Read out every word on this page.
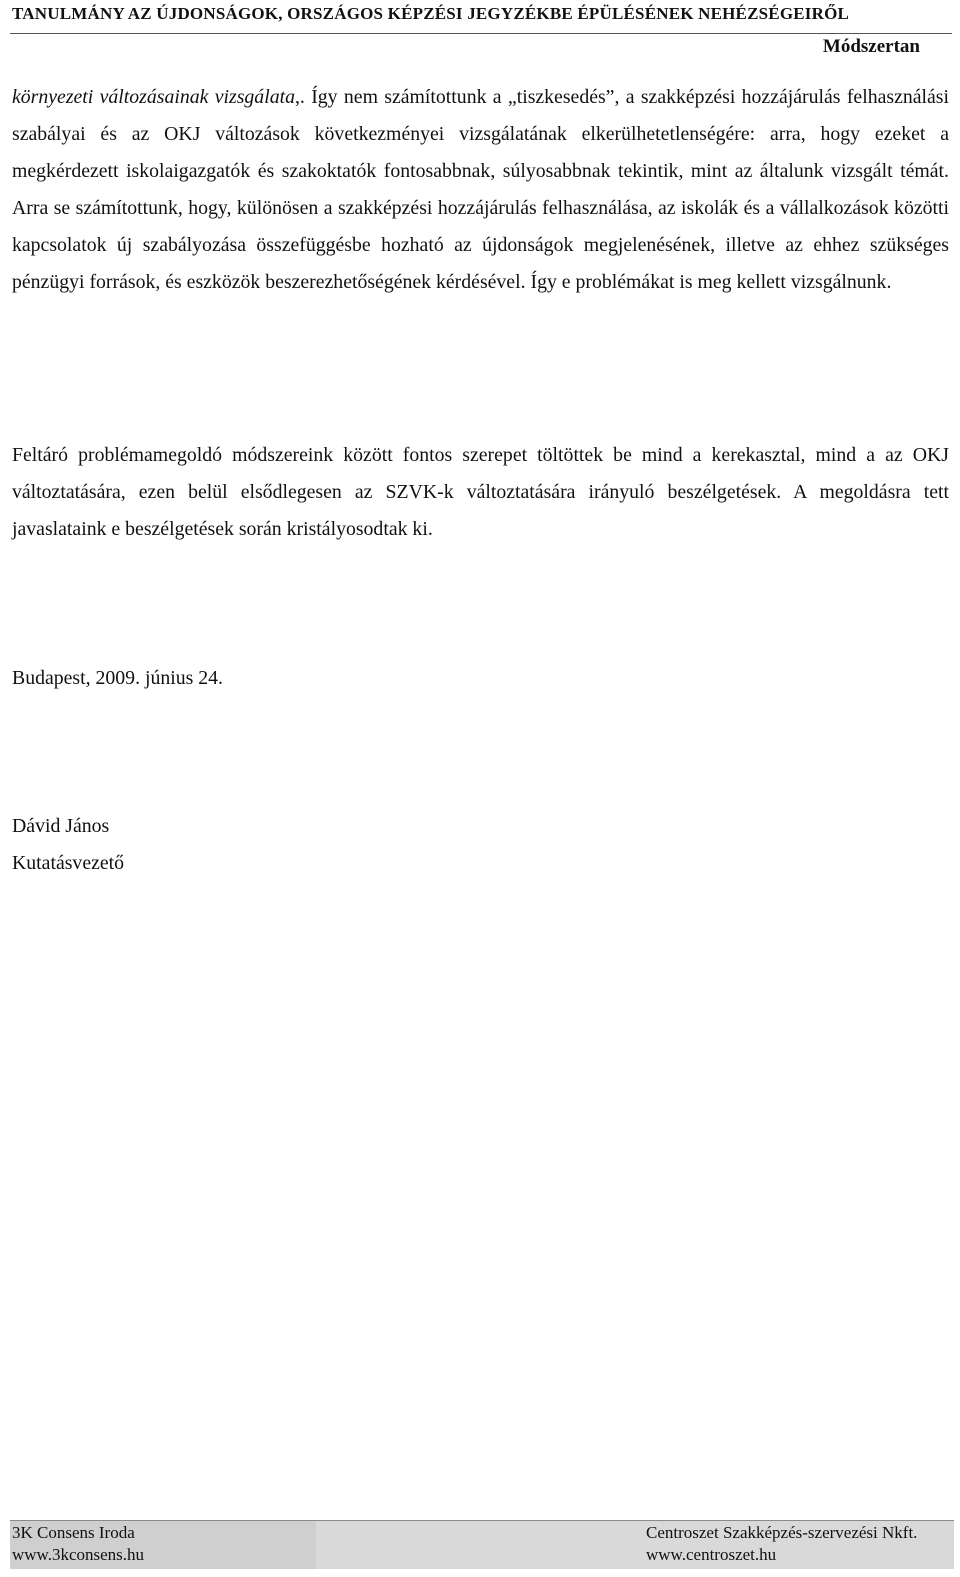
TANULMÁNY AZ ÚJDONSÁGOK, ORSZÁGOS KÉPZÉSI JEGYZÉKBE ÉPÜLÉSÉNEK NEHÉZSÉGEIRŐL
Módszertan

környezeti változásainak vizsgálata,. Így nem számítottunk a „tiszkesedés”, a szakképzési hozzájárulás felhasználási szabályai és az OKJ változások következményei vizsgálatának elkerülhetetlenségére: arra, hogy ezeket a megkérdezett iskolaigazgatók és szakoktatók fontosabbnak, súlyosabbnak tekintik, mint az általunk vizsgált témát. Arra se számítottunk, hogy, különösen a szakképzési hozzájárulás felhasználása, az iskolák és a vállalkozások közötti kapcsolatok új szabályozása összefüggésbe hozható az újdonságok megjelenésének, illetve az ehhez szükséges pénzügyi források, és eszközök beszerezhetőségének kérdésével. Így e problémákat is meg kellett vizsgálnunk.

Feltáró problémamegoldó módszereink között fontos szerepet töltöttek be mind a kerekasztal, mind a az OKJ változtatására, ezen belül elsődlegesen az SZVK-k változtatására irányuló beszélgetések. A megoldásra tett javaslataink e beszélgetések során kristályosodtak ki.

Budapest, 2009. június 24.
Dávid János
Kutatásvezető
3K Consens Iroda
www.3kconsens.hu
Centroszet Szakképzés-szervezési Nkft.
www.centroszet.hu
